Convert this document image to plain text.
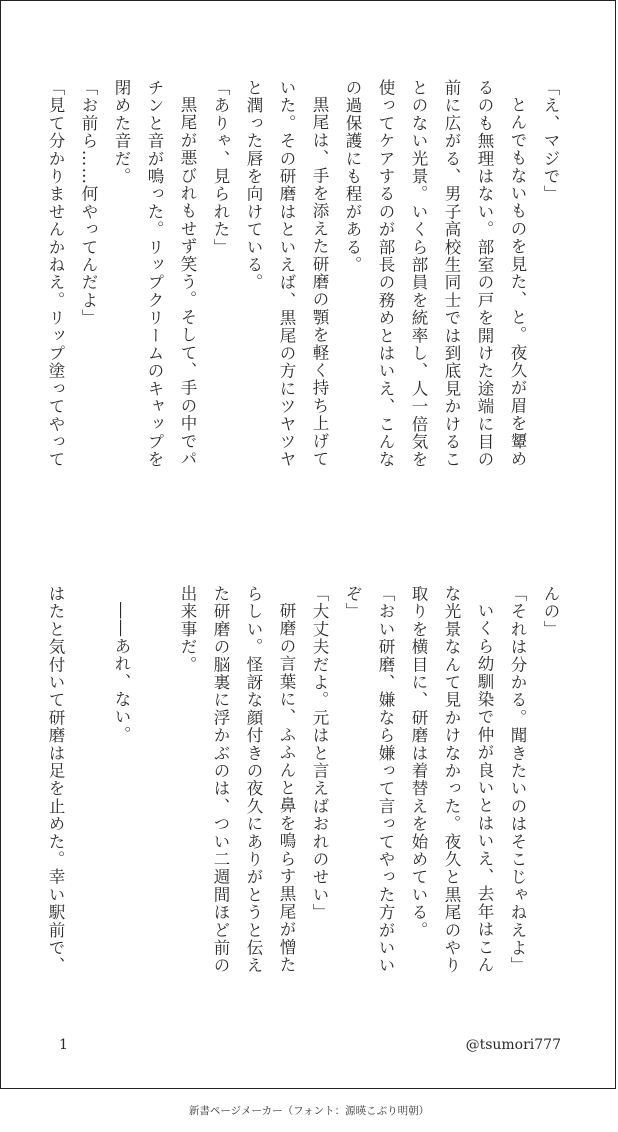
「え、マジで」
とんでもないものを見た、と。夜久が眉を顰め
るのも無理はない。部室の戸を開けた途端に目の
前に広がる、男子高校生同士では到底見かけるこ
とのない光景。いくら部員を統率し、人一倍気を
使ってケアするのが部長の務めとはいえ、こんな
の過保護にも程がある。
黒尾は、手を添えた研磨の顎を軽く持ち上げて
いた。その研磨はといえば、黒尾の方にツヤツヤ
と潤った唇を向けている。
「ありゃ、見られた」
黒尾が悪びれもせず笑う。そして、手の中でパ
チンと音が鳴った。リップクリームのキャップを
閉めた音だ。
「お前ら……何やってんだよ」
「見て分かりませんかねえ。リップ塗ってやって
んの」
「それは分かる。聞きたいのはそこじゃねえよ」
いくら幼馴染で仲が良いとはいえ、去年はこん
な光景なんて見かけなかった。夜久と黒尾のやり
取りを横目に、研磨は着替えを始めている。
「おい研磨、嫌なら嫌って言ってやった方がいい
ぞ」
「大丈夫だよ。元はと言えばおれのせい」
研磨の言葉に、ふふんと鼻を鳴らす黒尾が憎た
らしい。怪訝な顔付きの夜久にありがとうと伝え
た研磨の脳裏に浮かぶのは、つい二週間ほど前の
出来事だ。

――あれ、ない。

はたと気付いて研磨は足を止めた。幸い駅前で、
1	@tsumori777
新書ページメーカー（フォント：源暎こぶり明朝）
